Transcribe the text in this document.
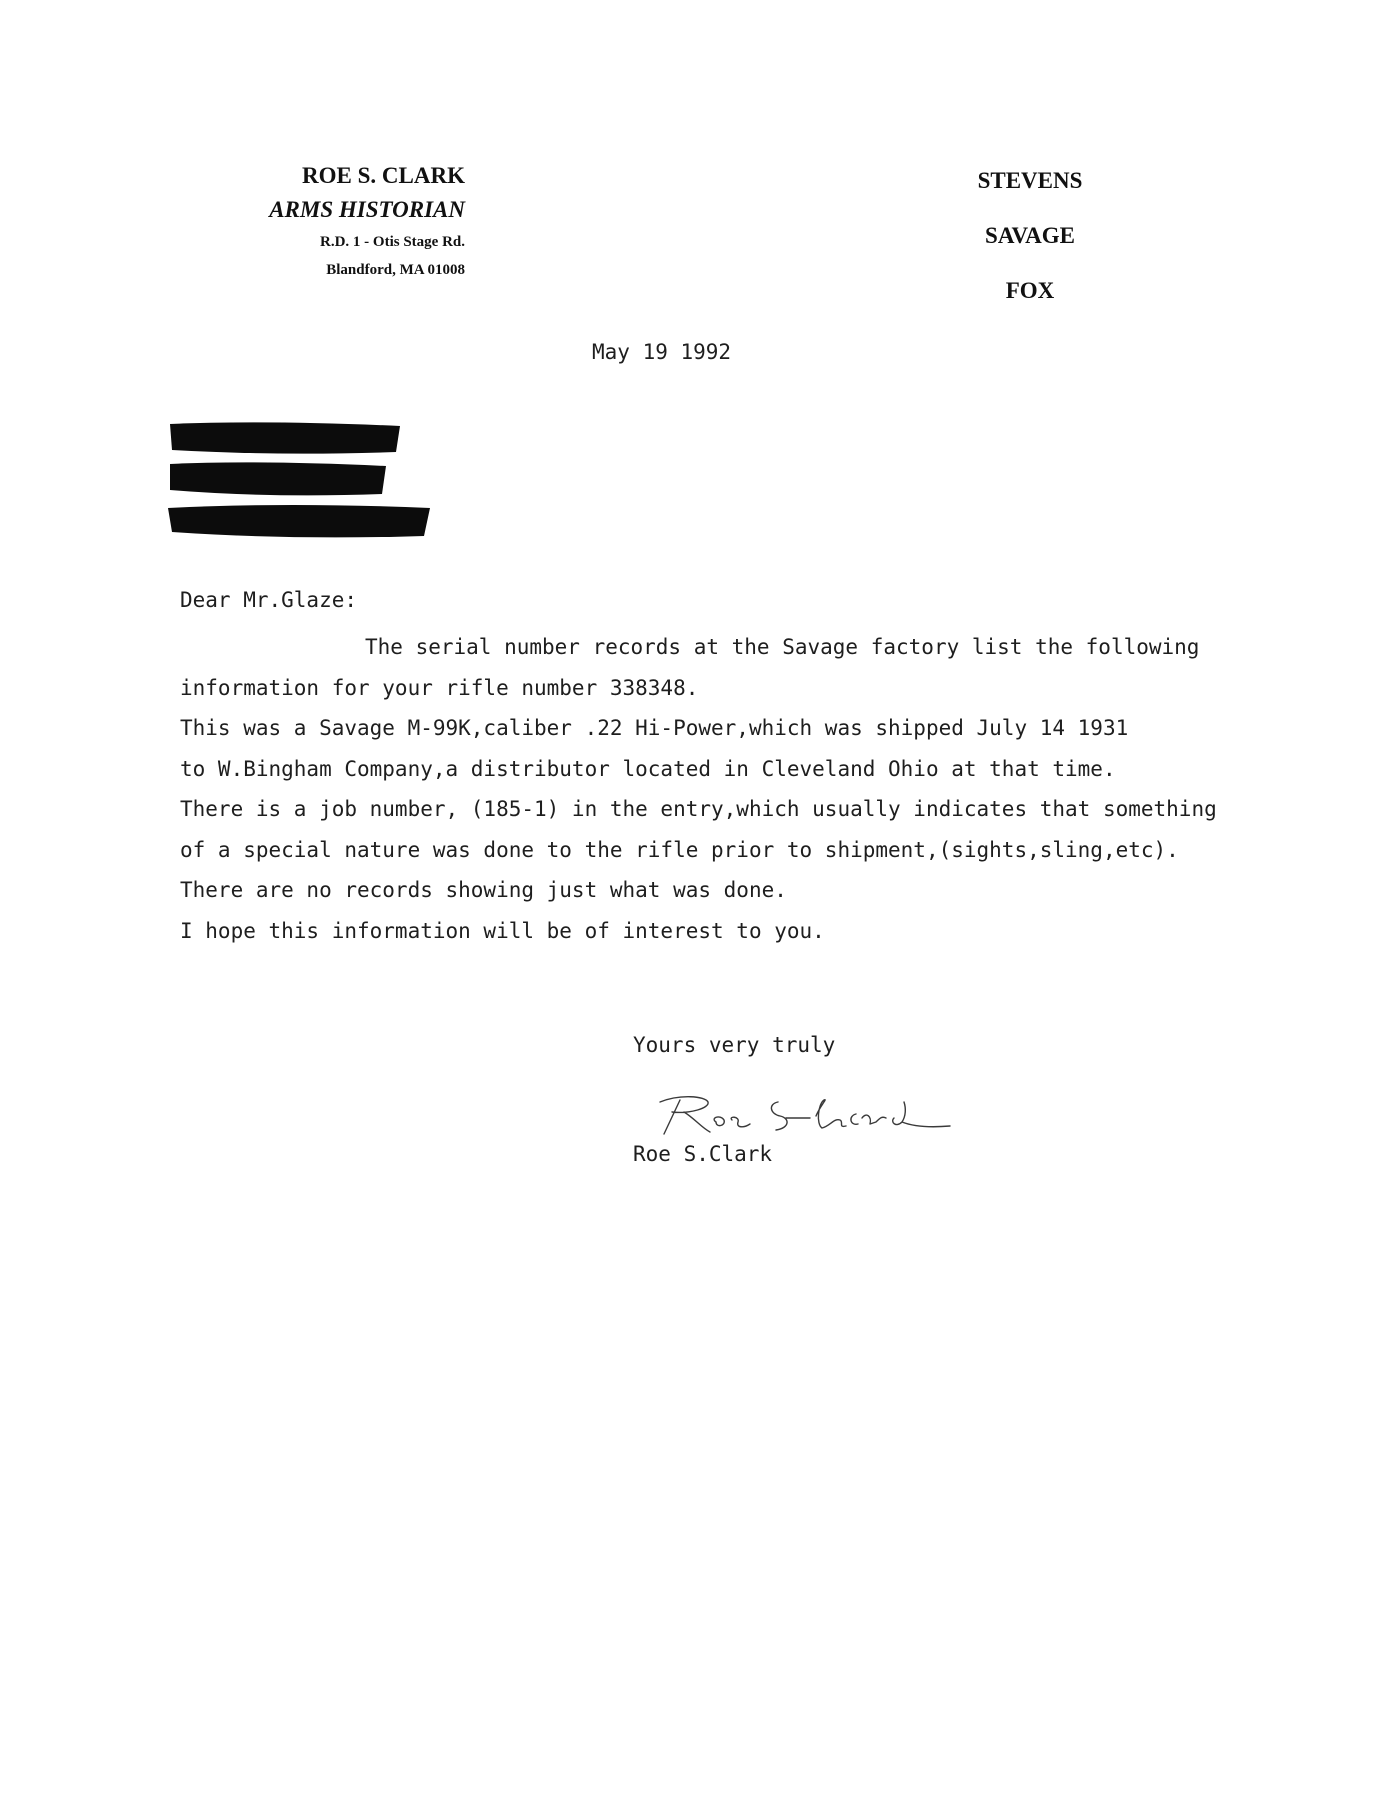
ROE S. CLARK
ARMS HISTORIAN
R.D. 1 - Otis Stage Rd.
Blandford, MA 01008
STEVENS
SAVAGE
FOX
May 19 1992
Dear Mr.Glaze:
The serial number records at the Savage factory list the following
information for your rifle number 338348.
This was a Savage M-99K,caliber .22 Hi-Power,which was shipped July 14 1931
to W.Bingham Company,a distributor located in Cleveland Ohio at that time.
There is a job number, (185-1) in the entry,which usually indicates that something
of a special nature was done to the rifle prior to shipment,(sights,sling,etc).
There are no records showing just what was done.
I hope this information will be of interest to you.
Yours very truly
Roe S.Clark
